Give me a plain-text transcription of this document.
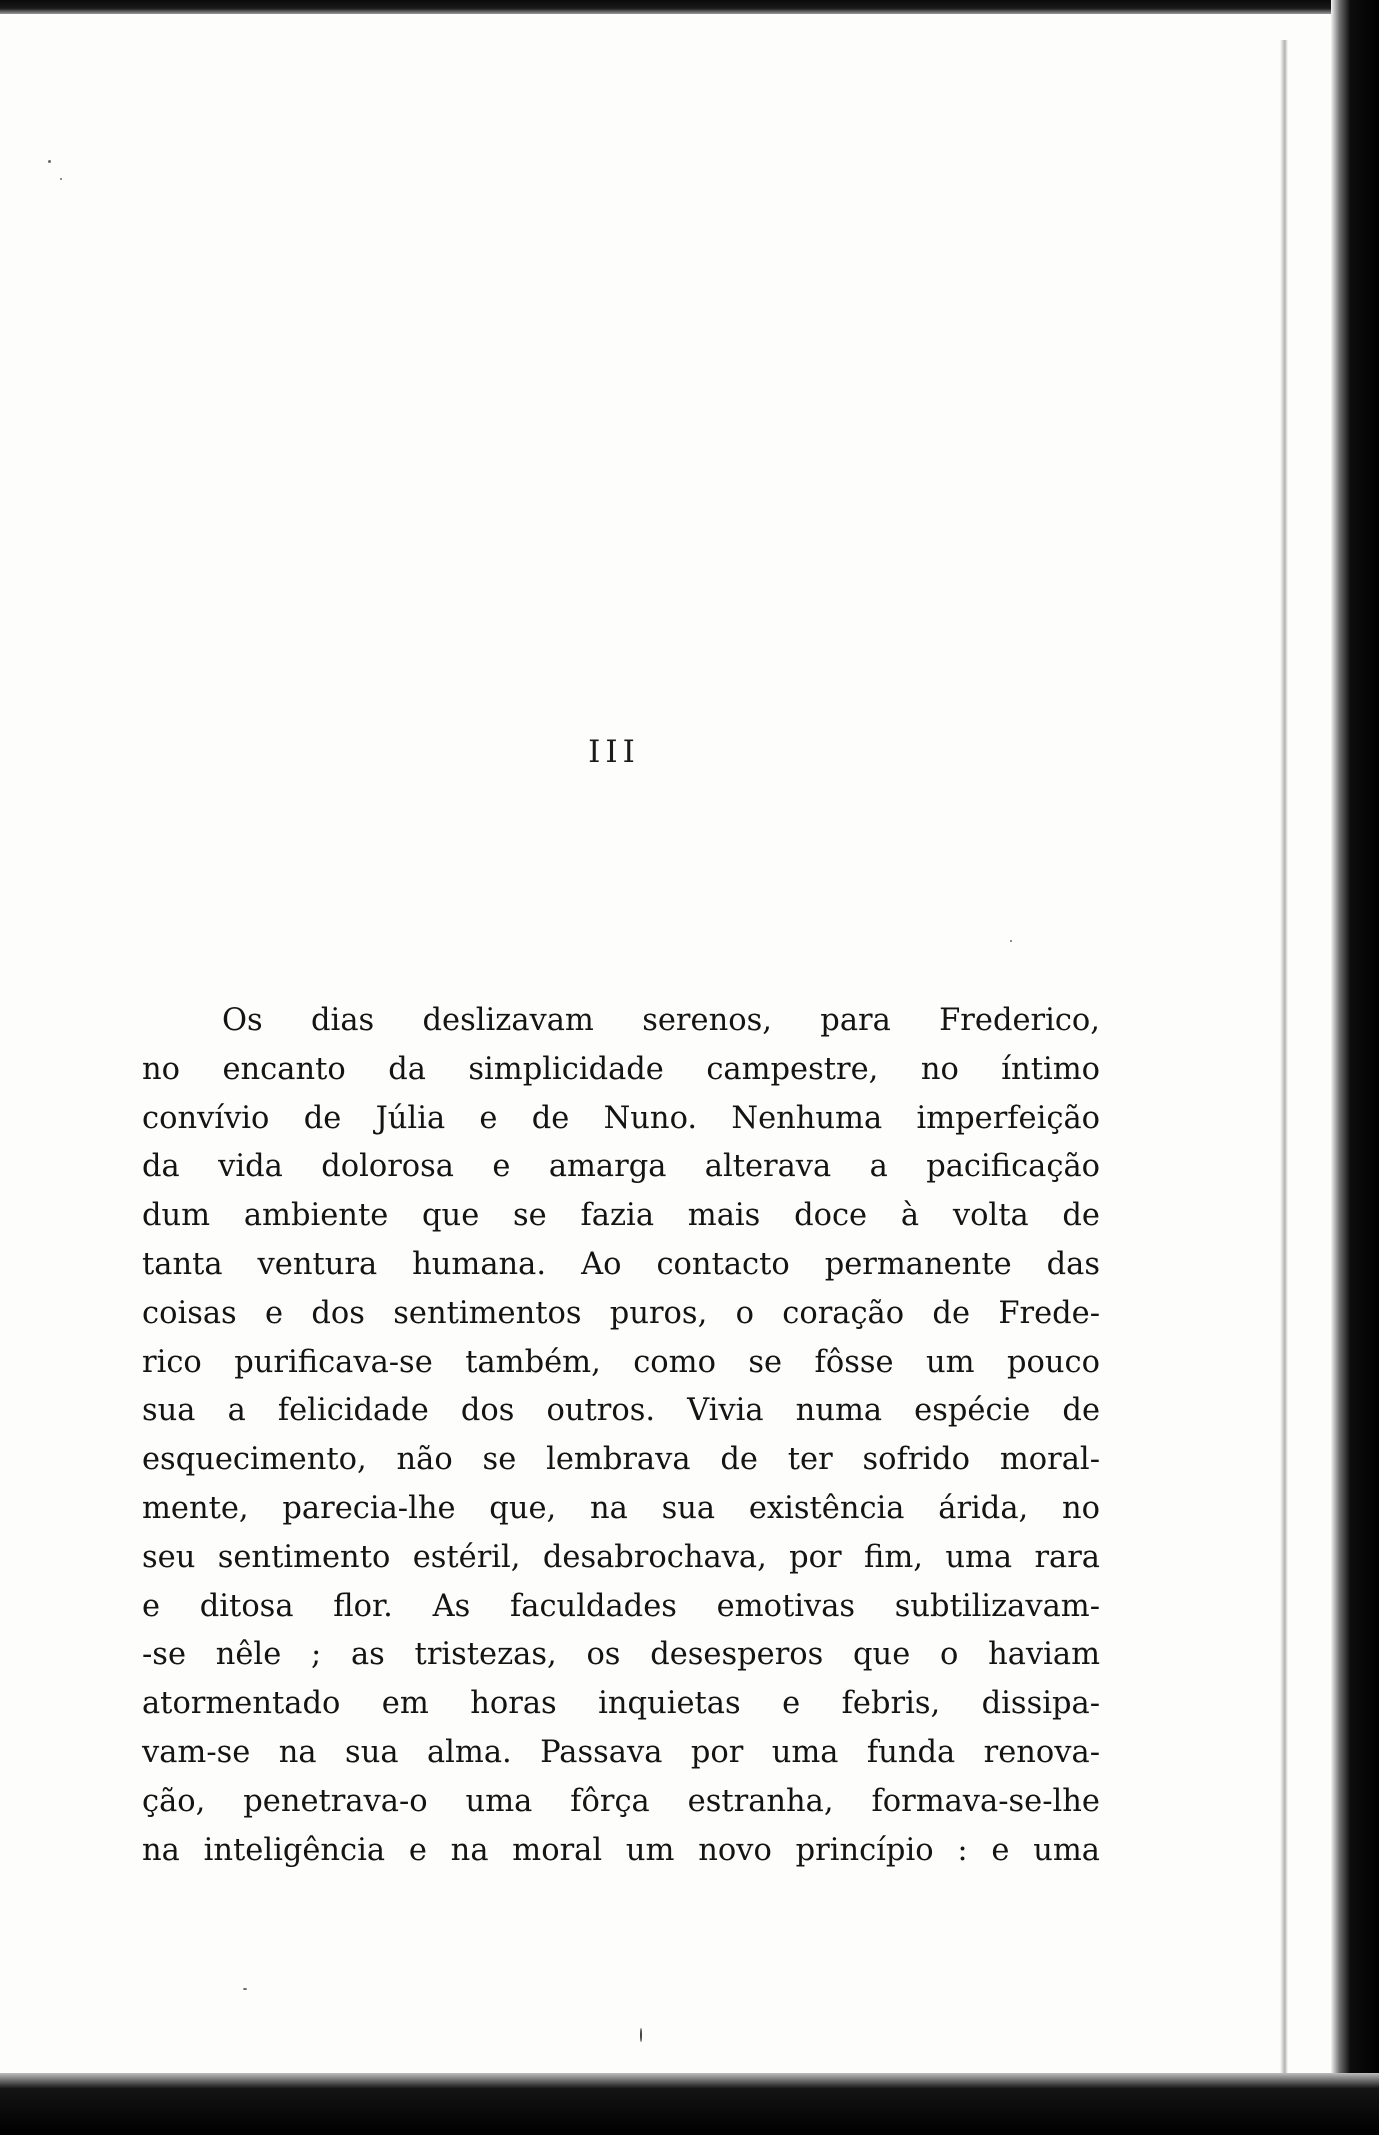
III
Os dias deslizavam serenos, para Frederico,
no encanto da simplicidade campestre, no íntimo
convívio de Júlia e de Nuno. Nenhuma imperfeição
da vida dolorosa e amarga alterava a pacificação
dum ambiente que se fazia mais doce à volta de
tanta ventura humana. Ao contacto permanente das
coisas e dos sentimentos puros, o coração de Frede-
rico purificava-se também, como se fôsse um pouco
sua a felicidade dos outros. Vivia numa espécie de
esquecimento, não se lembrava de ter sofrido moral-
mente, parecia-lhe que, na sua existência árida, no
seu sentimento estéril, desabrochava, por fim, uma rara
e ditosa flor. As faculdades emotivas subtilizavam-
-se nêle ; as tristezas, os desesperos que o haviam
atormentado em horas inquietas e febris, dissipa-
vam-se na sua alma. Passava por uma funda renova-
ção, penetrava-o uma fôrça estranha, formava-se-lhe
na inteligência e na moral um novo princípio : e uma
